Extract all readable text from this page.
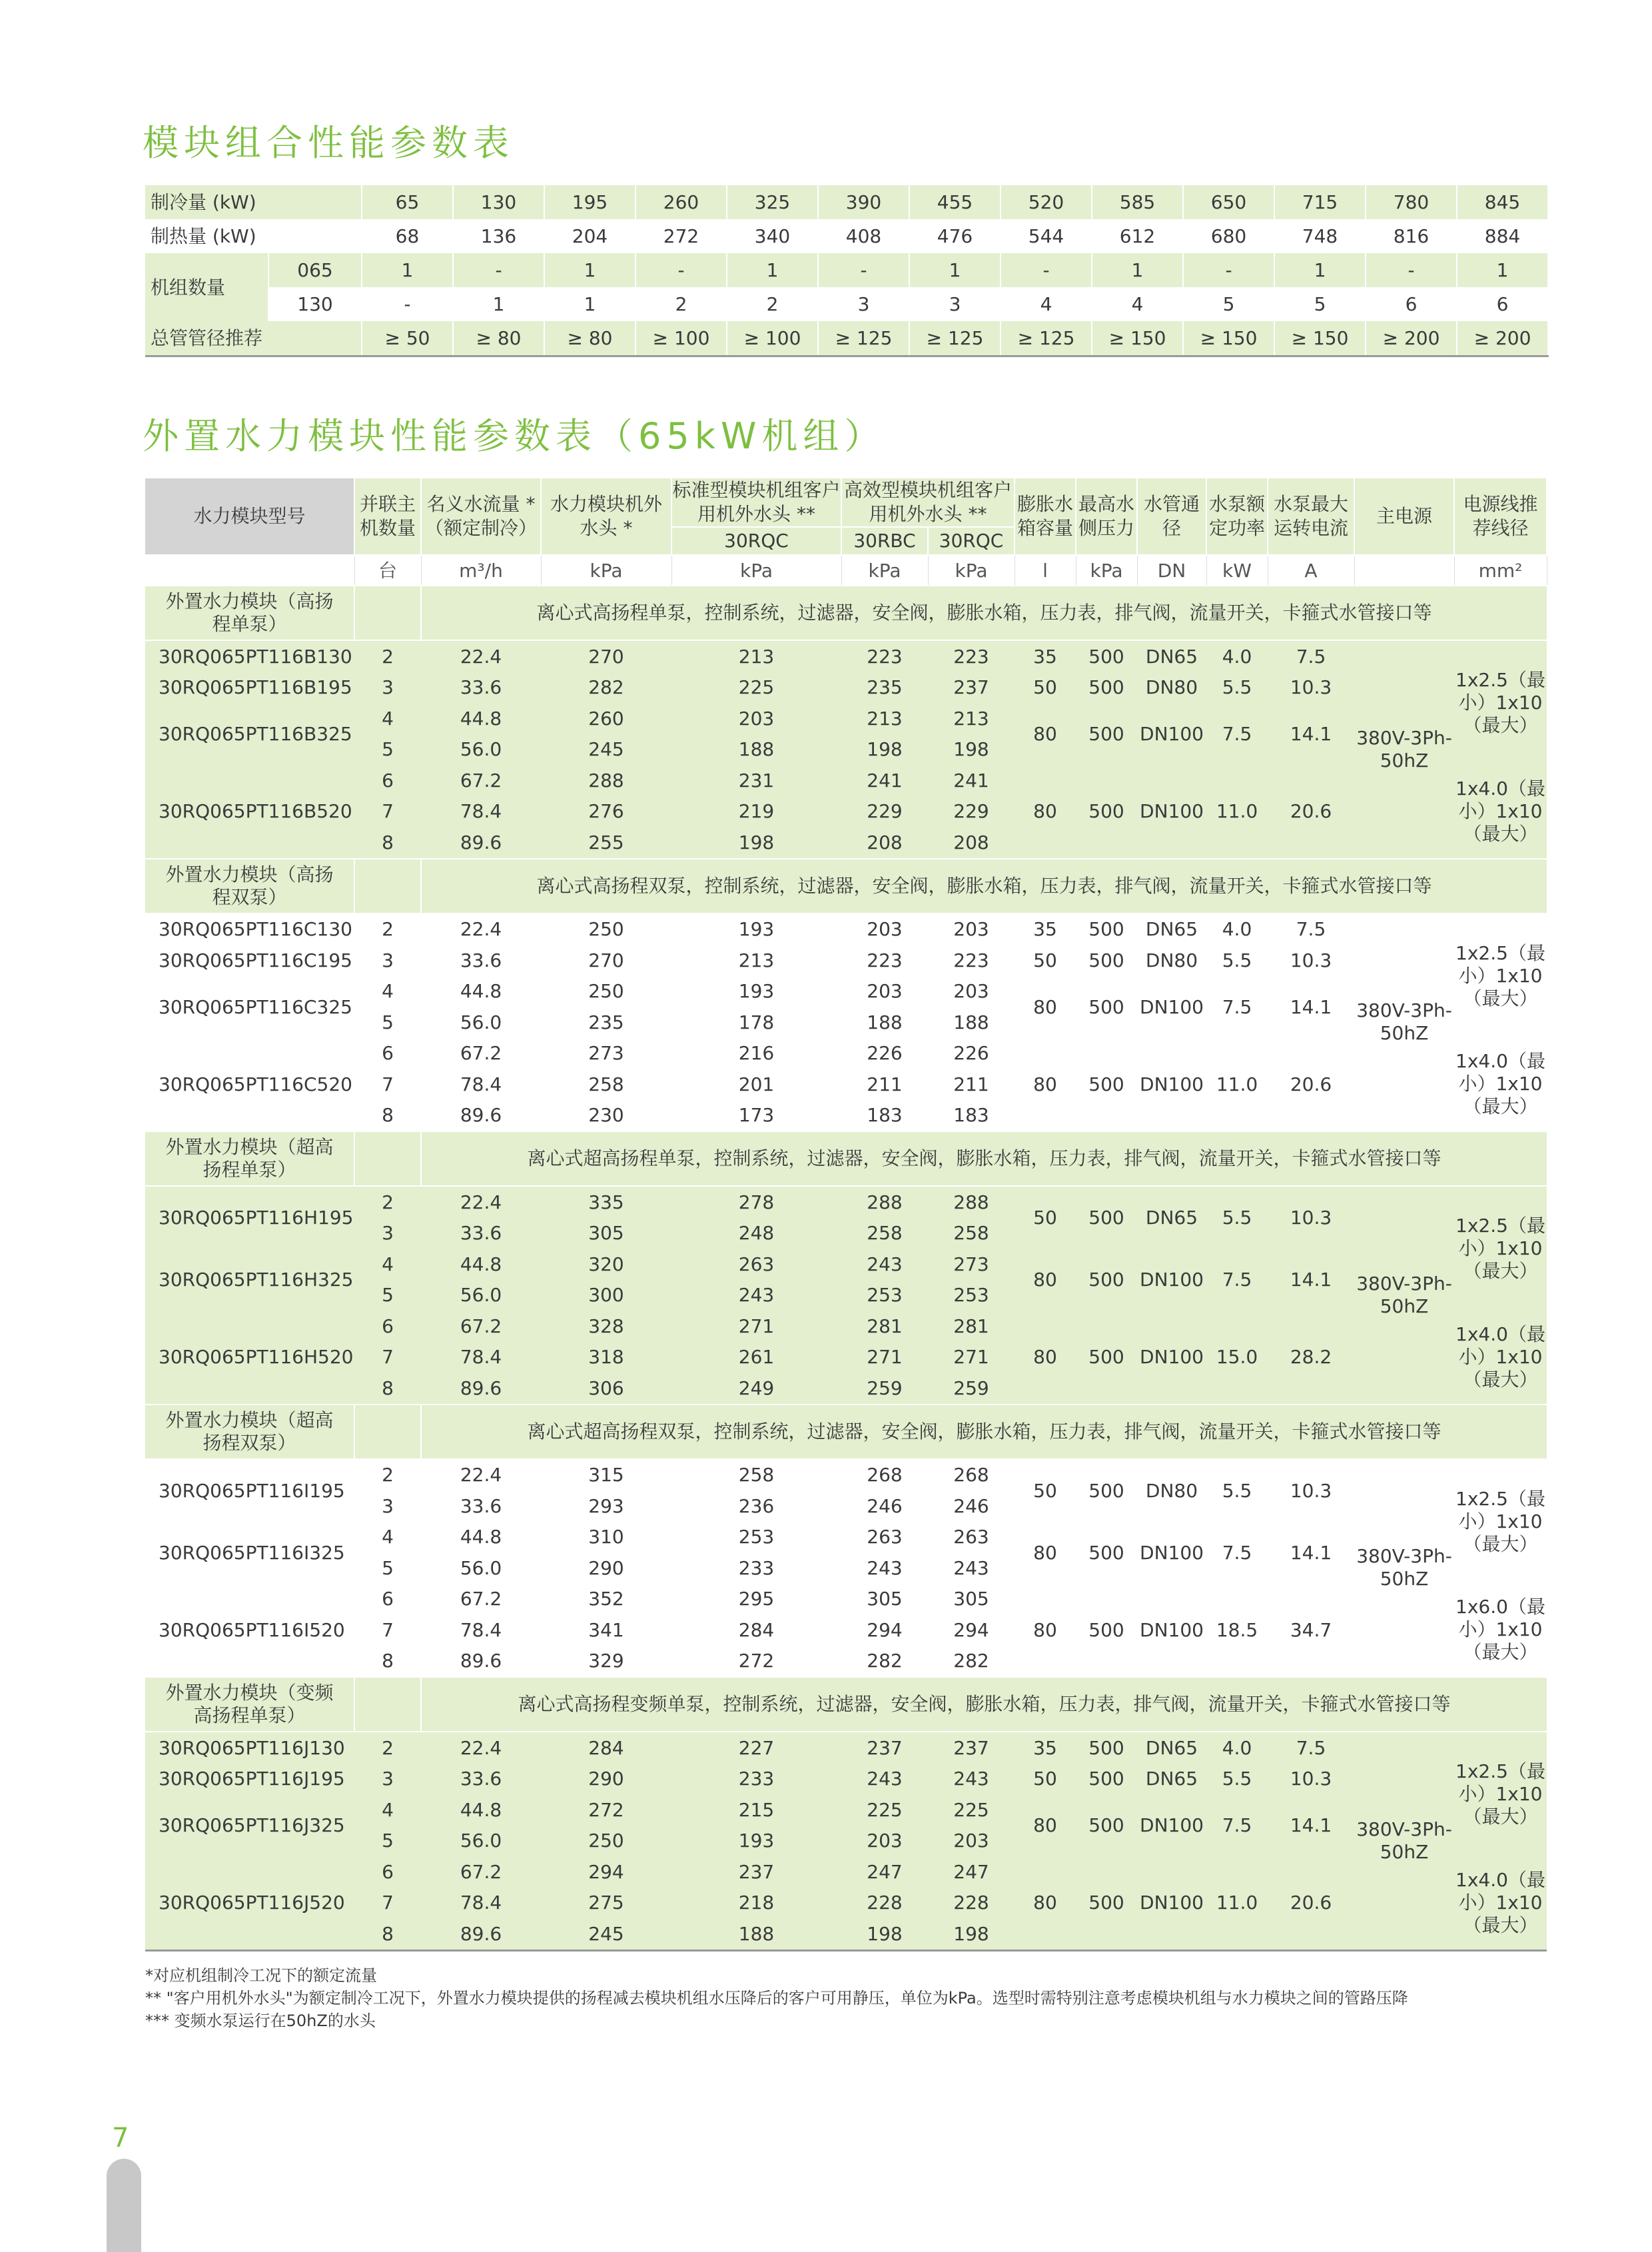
模块组合性能参数表
制冷量 (kW)		65	130	195	260	325	390	455	520	585	650	715	780	845
制热量 (kW)		68	136	204	272	340	408	476	544	612	680	748	816	884
机组数量	065	1	-	1	-	1	-	1	-	1	-	1	-	1
	130	-	1	1	2	2	3	3	4	4	5	5	6	6
总管管径推荐		≥ 50	≥ 80	≥ 80	≥ 100	≥ 100	≥ 125	≥ 125	≥ 125	≥ 150	≥ 150	≥ 150	≥ 200	≥ 200
外置水力模块性能参数表（65kW机组）
水力模块型号	并联主机数量	名义水流量 *（额定制冷）	水力模块机外水头 *	标准型模块机组客户用机外水头 **	高效型模块机组客户用机外水头 **		膨胀水箱容量	最高水侧压力	水管通径	水泵额定功率	水泵最大运转电流	主电源	电源线推荐线径
				30RQC	30RBC	30RQC							
	台	m³/h	kPa	kPa	kPa	kPa	l	kPa	DN	kW	A		mm²
外置水力模块（高扬程单泵）		离心式高扬程单泵，控制系统，过滤器，安全阀，膨胀水箱，压力表，排气阀，流量开关，卡箍式水管接口等											
30RQ065PT116B130	2	22.4	270	213	223	223	35	500	DN65	4.0	7.5	380V-3Ph-50hZ	1x2.5（最小）1x10（最大）
30RQ065PT116B195	3	33.6	282	225	235	237	50	500	DN80	5.5	10.3		
30RQ065PT116B325	4	44.8	260	203	213	213	80	500	DN100	7.5	14.1		
	5	56.0	245	188	198	198							
30RQ065PT116B520	6	67.2	288	231	241	241	80	500	DN100	11.0	20.6		1x4.0（最小）1x10（最大）
	7	78.4	276	219	229	229							
	8	89.6	255	198	208	208							
外置水力模块（高扬程双泵）		离心式高扬程双泵，控制系统，过滤器，安全阀，膨胀水箱，压力表，排气阀，流量开关，卡箍式水管接口等											
30RQ065PT116C130	2	22.4	250	193	203	203	35	500	DN65	4.0	7.5	380V-3Ph-50hZ	1x2.5（最小）1x10（最大）
30RQ065PT116C195	3	33.6	270	213	223	223	50	500	DN80	5.5	10.3		
30RQ065PT116C325	4	44.8	250	193	203	203	80	500	DN100	7.5	14.1		
	5	56.0	235	178	188	188							
30RQ065PT116C520	6	67.2	273	216	226	226	80	500	DN100	11.0	20.6		1x4.0（最小）1x10（最大）
	7	78.4	258	201	211	211							
	8	89.6	230	173	183	183							
外置水力模块（超高扬程单泵）		离心式超高扬程单泵，控制系统，过滤器，安全阀，膨胀水箱，压力表，排气阀，流量开关，卡箍式水管接口等											
30RQ065PT116H195	2	22.4	335	278	288	288	50	500	DN65	5.5	10.3	380V-3Ph-50hZ	1x2.5（最小）1x10（最大）
	3	33.6	305	248	258	258							
30RQ065PT116H325	4	44.8	320	263	243	273	80	500	DN100	7.5	14.1		
	5	56.0	300	243	253	253							
30RQ065PT116H520	6	67.2	328	271	281	281	80	500	DN100	15.0	28.2		1x4.0（最小）1x10（最大）
	7	78.4	318	261	271	271							
	8	89.6	306	249	259	259							
外置水力模块（超高扬程双泵）		离心式超高扬程双泵，控制系统，过滤器，安全阀，膨胀水箱，压力表，排气阀，流量开关，卡箍式水管接口等											
30RQ065PT116I195	2	22.4	315	258	268	268	50	500	DN80	5.5	10.3	380V-3Ph-50hZ	1x2.5（最小）1x10（最大）
	3	33.6	293	236	246	246							
30RQ065PT116I325	4	44.8	310	253	263	263	80	500	DN100	7.5	14.1		
	5	56.0	290	233	243	243							
30RQ065PT116I520	6	67.2	352	295	305	305	80	500	DN100	18.5	34.7		1x6.0（最小）1x10（最大）
	7	78.4	341	284	294	294							
	8	89.6	329	272	282	282							
外置水力模块（变频高扬程单泵）		离心式高扬程变频单泵，控制系统，过滤器，安全阀，膨胀水箱，压力表，排气阀，流量开关，卡箍式水管接口等											
30RQ065PT116J130	2	22.4	284	227	237	237	35	500	DN65	4.0	7.5	380V-3Ph-50hZ	1x2.5（最小）1x10（最大）
30RQ065PT116J195	3	33.6	290	233	243	243	50	500	DN65	5.5	10.3		
30RQ065PT116J325	4	44.8	272	215	225	225	80	500	DN100	7.5	14.1		
	5	56.0	250	193	203	203							
30RQ065PT116J520	6	67.2	294	237	247	247	80	500	DN100	11.0	20.6		1x4.0（最小）1x10（最大）
	7	78.4	275	218	228	228							
	8	89.6	245	188	198	198							
*对应机组制冷工况下的额定流量
** "客户用机外水头"为额定制冷工况下，外置水力模块提供的扬程减去模块机组水压降后的客户可用静压，单位为kPa。选型时需特别注意考虑模块机组与水力模块之间的管路压降
*** 变频水泵运行在50hZ的水头
7
